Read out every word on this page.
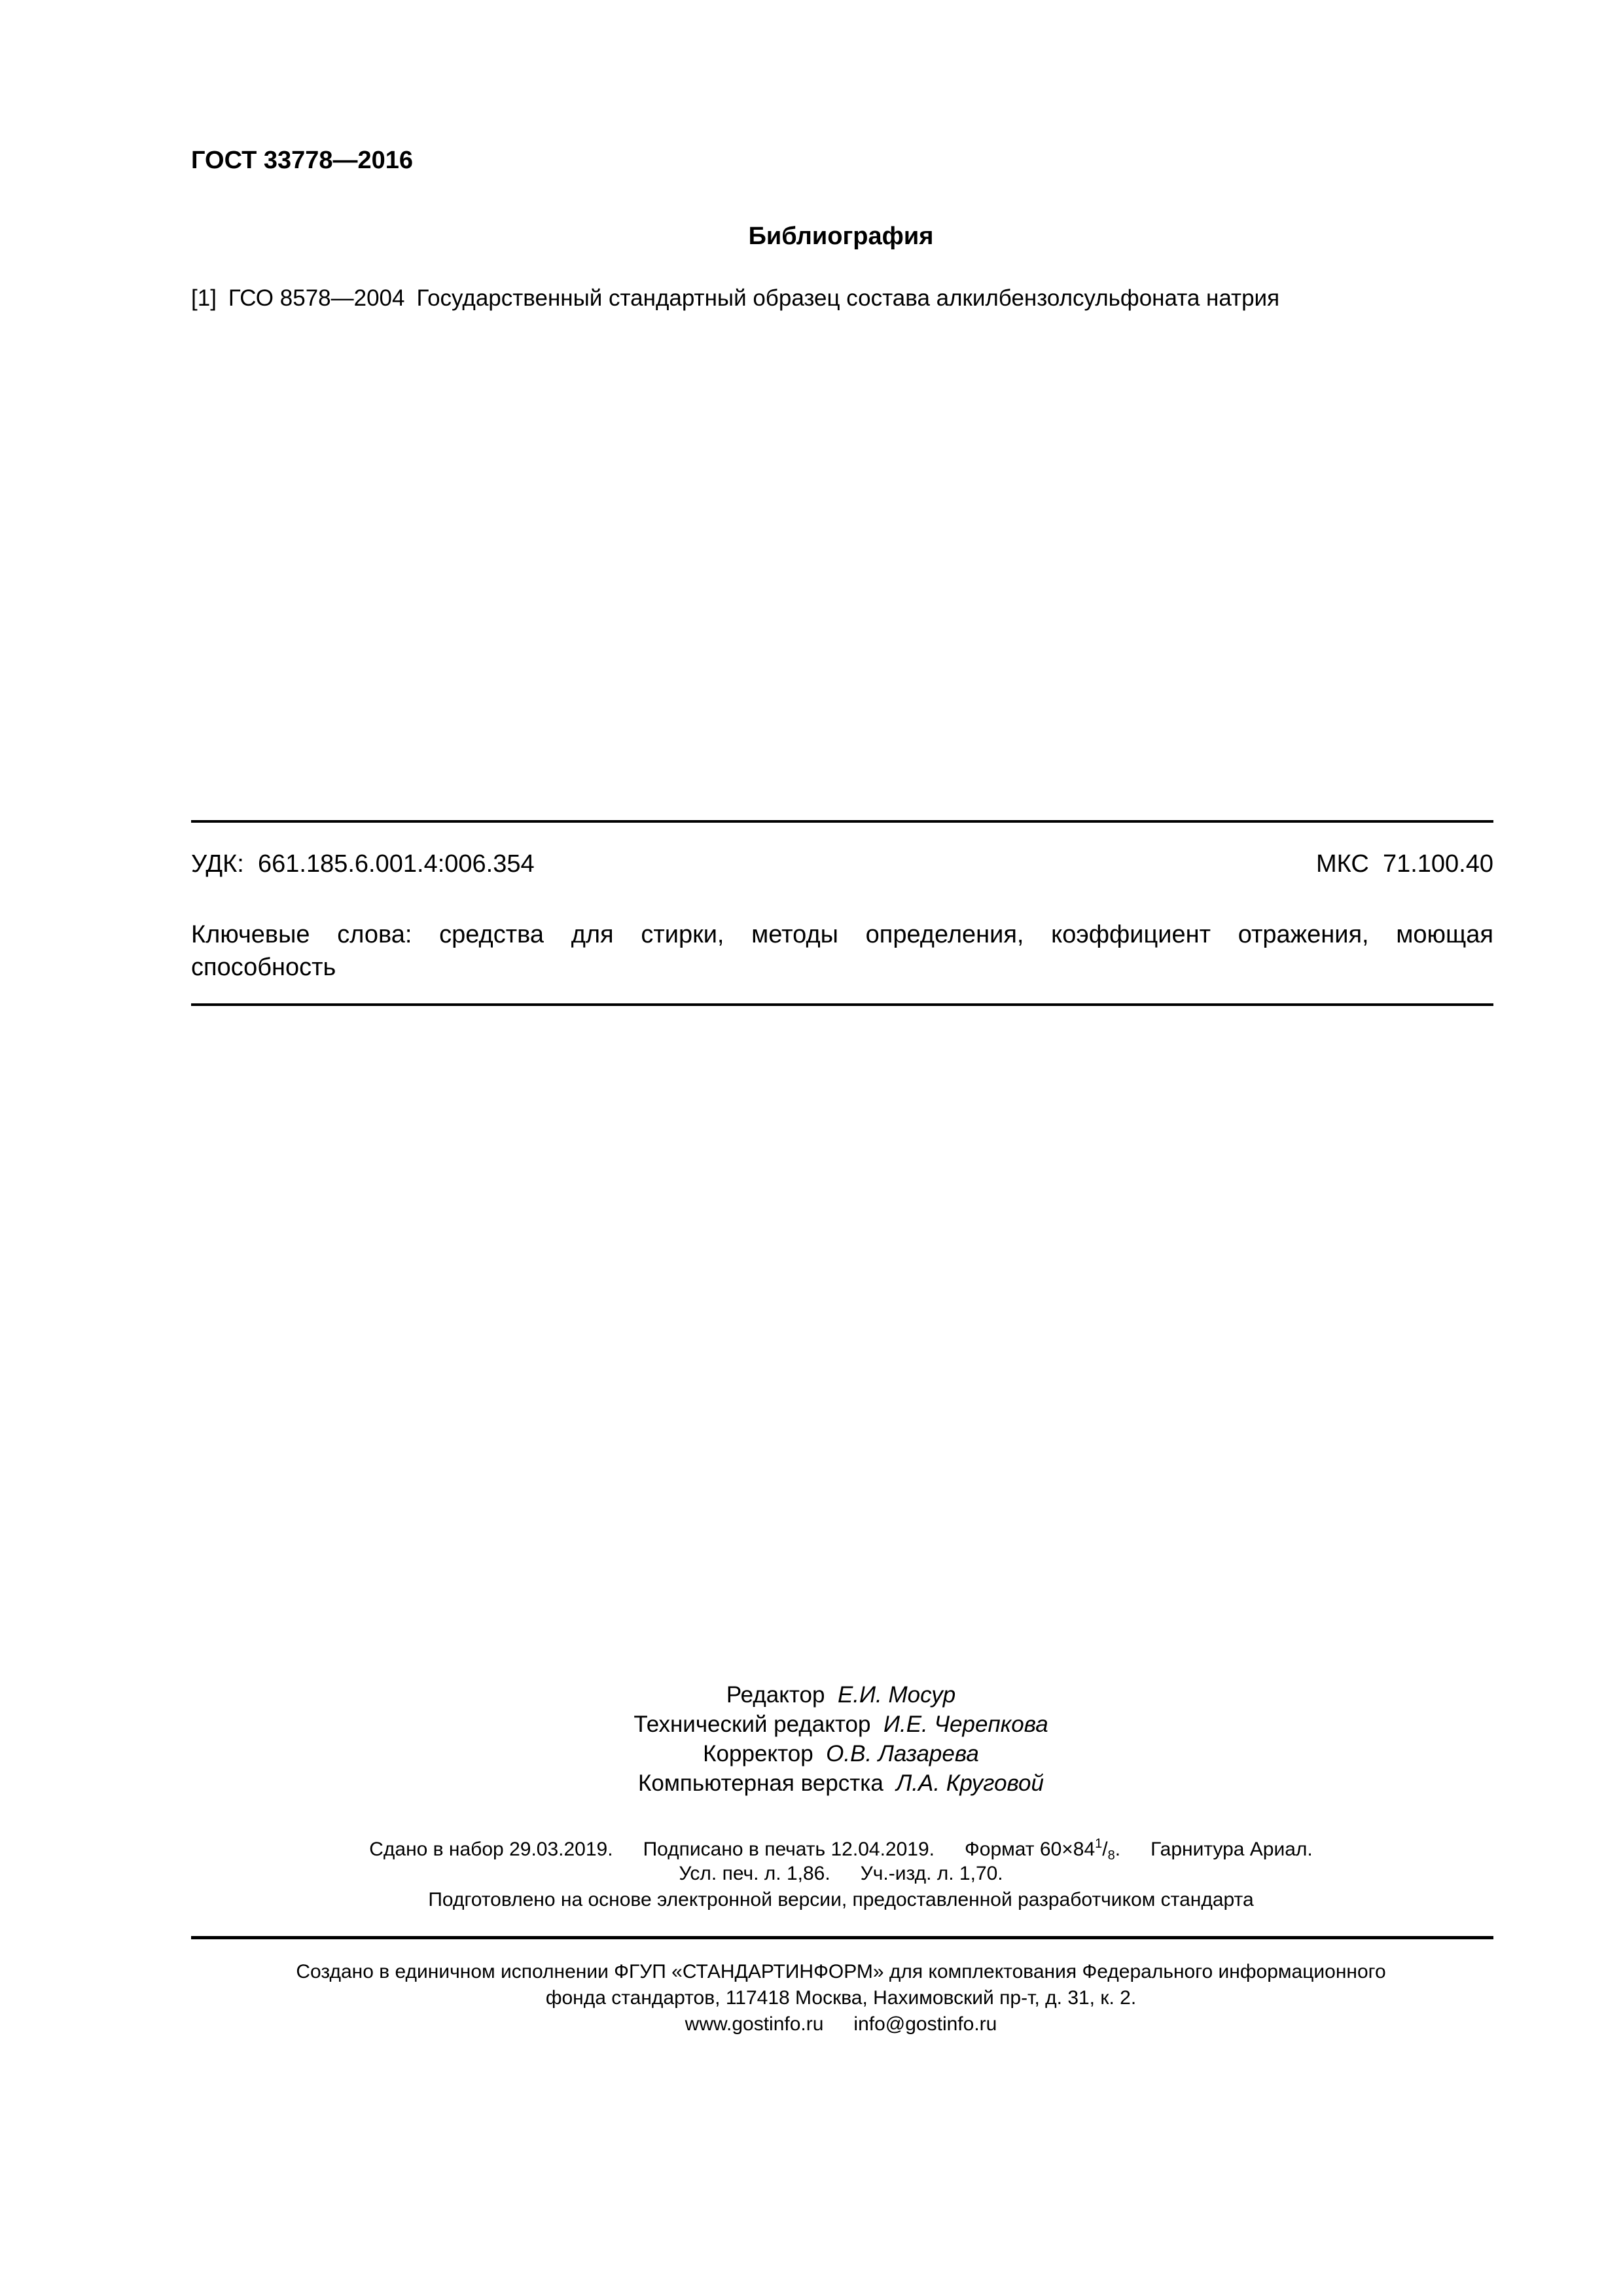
ГОСТ 33778—2016
Библиография
[1] ГСО 8578—2004 Государственный стандартный образец состава алкилбензолсульфоната натрия
УДК: 661.185.6.001.4:006.354	МКС 71.100.40
Ключевые слова: средства для стирки, методы определения, коэффициент отражения, моющая
способность
Редактор Е.И. Мосур
Технический редактор И.Е. Черепкова
Корректор О.В. Лазарева
Компьютерная верстка Л.А. Круговой
Сдано в набор 29.03.2019. Подписано в печать 12.04.2019. Формат $60\times 84^1/_8$. Гарнитура Ариал.
Усл. печ. л. 1,86. Уч.-изд. л. 1,70.
Подготовлено на основе электронной версии, предоставленной разработчиком стандарта
Создано в единичном исполнении ФГУП «СТАНДАРТИНФОРМ» для комплектования Федерального информационного
фонда стандартов, 117418 Москва, Нахимовский пр-т, д. 31, к. 2.
www.gostinfo.ru info@gostinfo.ru
